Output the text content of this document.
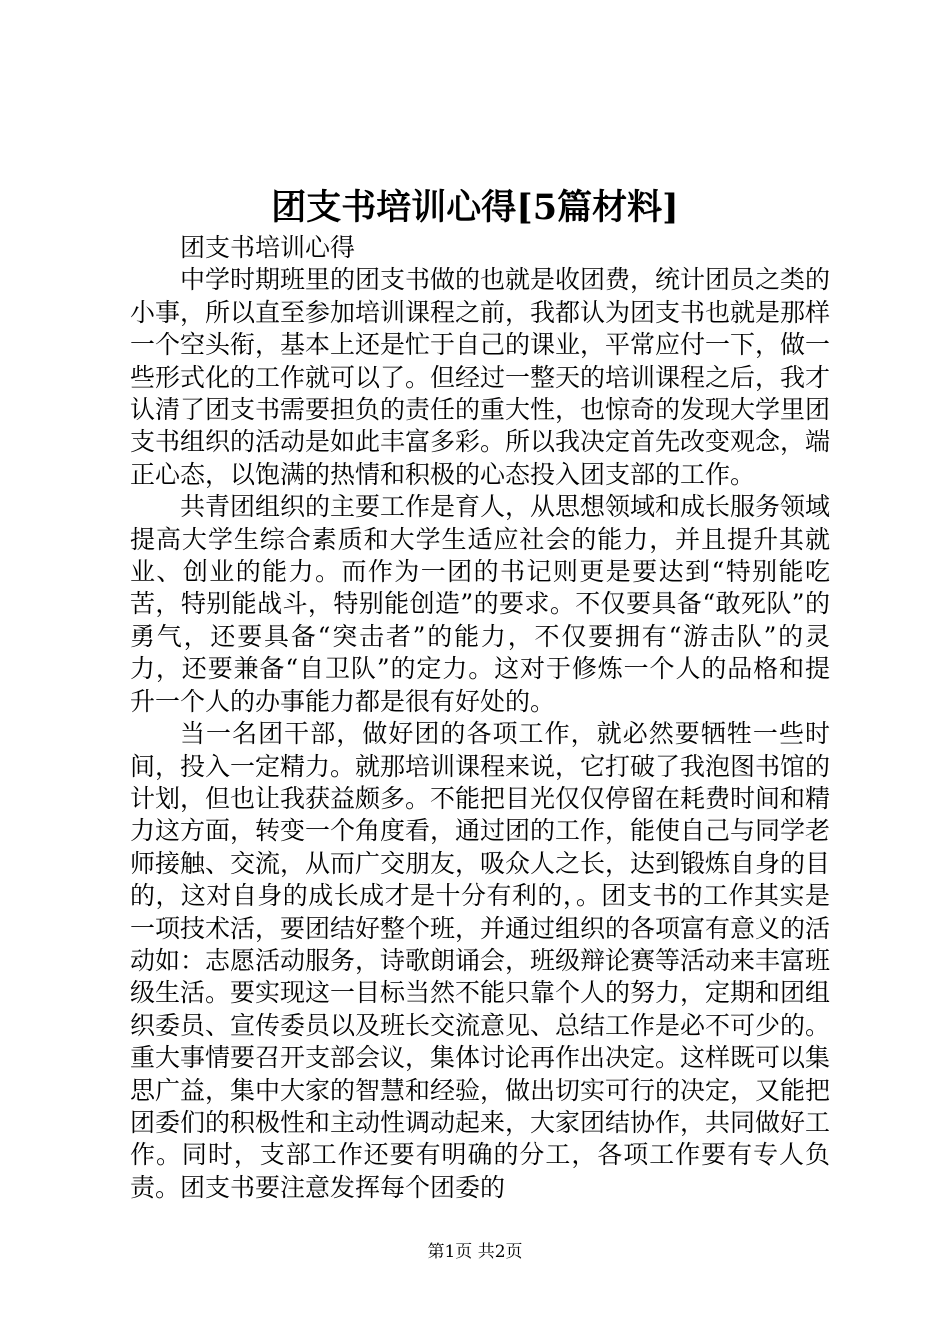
团支书培训心得[5篇材料]

团支书培训心得

中学时期班里的团支书做的也就是收团费，统计团员之类的小事，所以直至参加培训课程之前，我都认为团支书也就是那样一个空头衔，基本上还是忙于自己的课业，平常应付一下，做一些形式化的工作就可以了。但经过一整天的培训课程之后，我才认清了团支书需要担负的责任的重大性，也惊奇的发现大学里团支书组织的活动是如此丰富多彩。所以我决定首先改变观念，端正心态，以饱满的热情和积极的心态投入团支部的工作。

共青团组织的主要工作是育人，从思想领域和成长服务领域提高大学生综合素质和大学生适应社会的能力，并且提升其就业、创业的能力。而作为一团的书记则更是要达到“特别能吃苦，特别能战斗，特别能创造”的要求。不仅要具备“敢死队”的勇气，还要具备“突击者”的能力，不仅要拥有“游击队”的灵力，还要兼备“自卫队”的定力。这对于修炼一个人的品格和提升一个人的办事能力都是很有好处的。

当一名团干部，做好团的各项工作，就必然要牺牲一些时间，投入一定精力。就那培训课程来说，它打破了我泡图书馆的计划，但也让我获益颇多。不能把目光仅仅停留在耗费时间和精力这方面，转变一个角度看，通过团的工作，能使自己与同学老师接触、交流，从而广交朋友，吸众人之长，达到锻炼自身的目的，这对自身的成长成才是十分有利的，。团支书的工作其实是一项技术活，要团结好整个班，并通过组织的各项富有意义的活动如：志愿活动服务，诗歌朗诵会，班级辩论赛等活动来丰富班级生活。要实现这一目标当然不能只靠个人的努力，定期和团组织委员、宣传委员以及班长交流意见、总结工作是必不可少的。重大事情要召开支部会议，集体讨论再作出决定。这样既可以集思广益，集中大家的智慧和经验，做出切实可行的决定，又能把团委们的积极性和主动性调动起来，大家团结协作，共同做好工作。同时，支部工作还要有明确的分工，各项工作要有专人负责。团支书要注意发挥每个团委的

第1页 共2页
